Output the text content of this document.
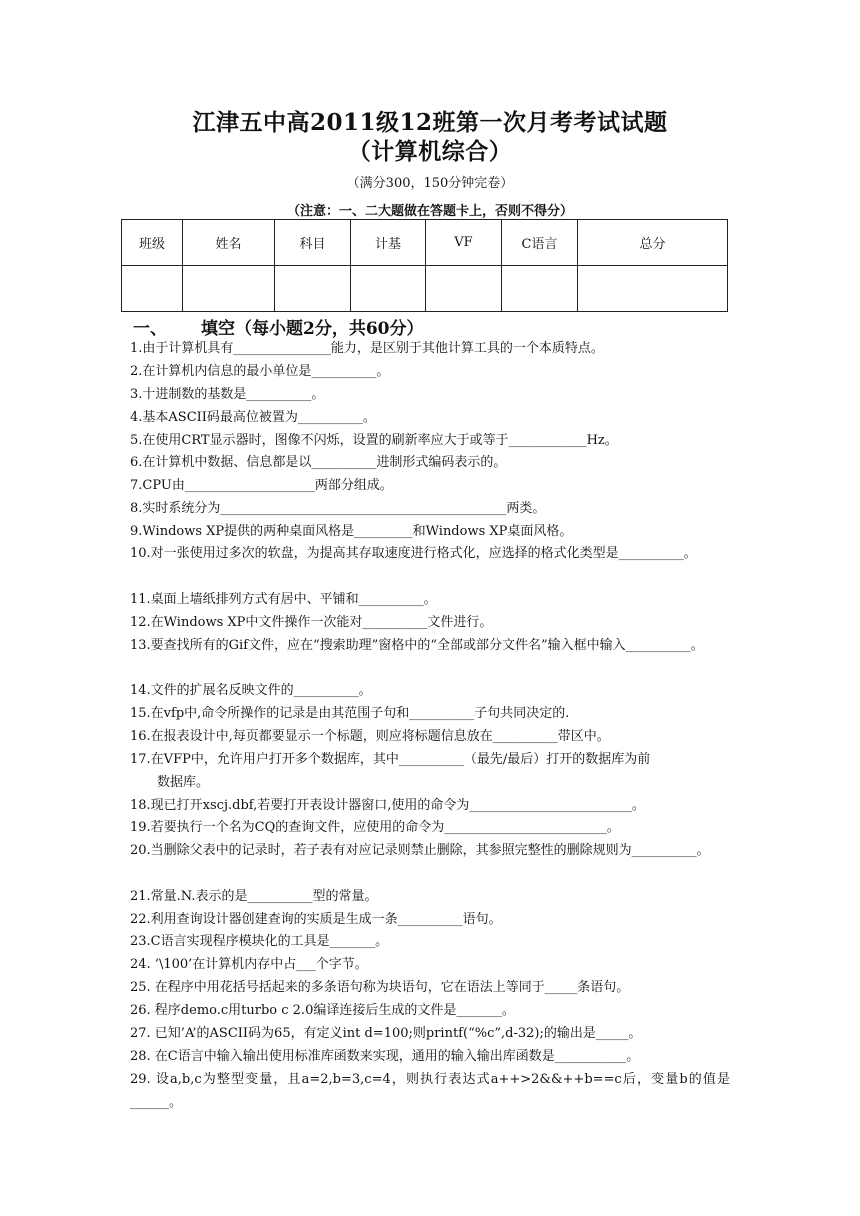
江津五中高2011级12班第一次月考考试试题
（计算机综合）
（满分300，150分钟完卷）
（注意：一、二大题做在答题卡上，否则不得分）
班级	姓名	科目	计基	VF	C语言	总分

一、 填空（每小题2分，共60分）
1.由于计算机具有_______________能力，是区别于其他计算工具的一个本质特点。
2.在计算机内信息的最小单位是__________。
3.十进制数的基数是__________。
4.基本ASCII码最高位被置为__________。
5.在使用CRT显示器时，图像不闪烁，设置的刷新率应大于或等于____________Hz。
6.在计算机中数据、信息都是以__________进制形式编码表示的。
7.CPU由____________________两部分组成。
8.实时系统分为____________________________________________两类。
9.Windows XP提供的两种桌面风格是_________和Windows XP桌面风格。
10.对一张使用过多次的软盘，为提高其存取速度进行格式化，应选择的格式化类型是__________。
11.桌面上墙纸排列方式有居中、平铺和__________。
12.在Windows XP中文件操作一次能对__________文件进行。
13.要查找所有的Gif文件，应在“搜索助理”窗格中的“全部或部分文件名”输入框中输入__________。
14.文件的扩展名反映文件的__________。
15.在vfp中,命令所操作的记录是由其范围子句和__________子句共同决定的.
16.在报表设计中,每页都要显示一个标题，则应将标题信息放在__________带区中。
17.在VFP中，允许用户打开多个数据库，其中__________（最先/最后）打开的数据库为前
数据库。
18.现已打开xscj.dbf,若要打开表设计器窗口,使用的命令为_________________________。
19.若要执行一个名为CQ的查询文件，应使用的命令为_________________________。
20.当删除父表中的记录时，若子表有对应记录则禁止删除，其参照完整性的删除规则为__________。
21.常量.N.表示的是__________型的常量。
22.利用查询设计器创建查询的实质是生成一条__________语句。
23.C语言实现程序模块化的工具是_______。
24. ‘\100’在计算机内存中占___个字节。
25. 在程序中用花括号括起来的多条语句称为块语句，它在语法上等同于_____条语句。
26. 程序demo.c用turbo c 2.0编译连接后生成的文件是_______。
27. 已知’A’的ASCII码为65，有定义int d=100;则printf(“%c”,d-32);的输出是_____。
28. 在C语言中输入输出使用标准库函数来实现，通用的输入输出库函数是___________。
29. 设a,b,c为整型变量，且a=2,b=3,c=4，则执行表达式a++>2&&++b==c后，变量b的值是______。
